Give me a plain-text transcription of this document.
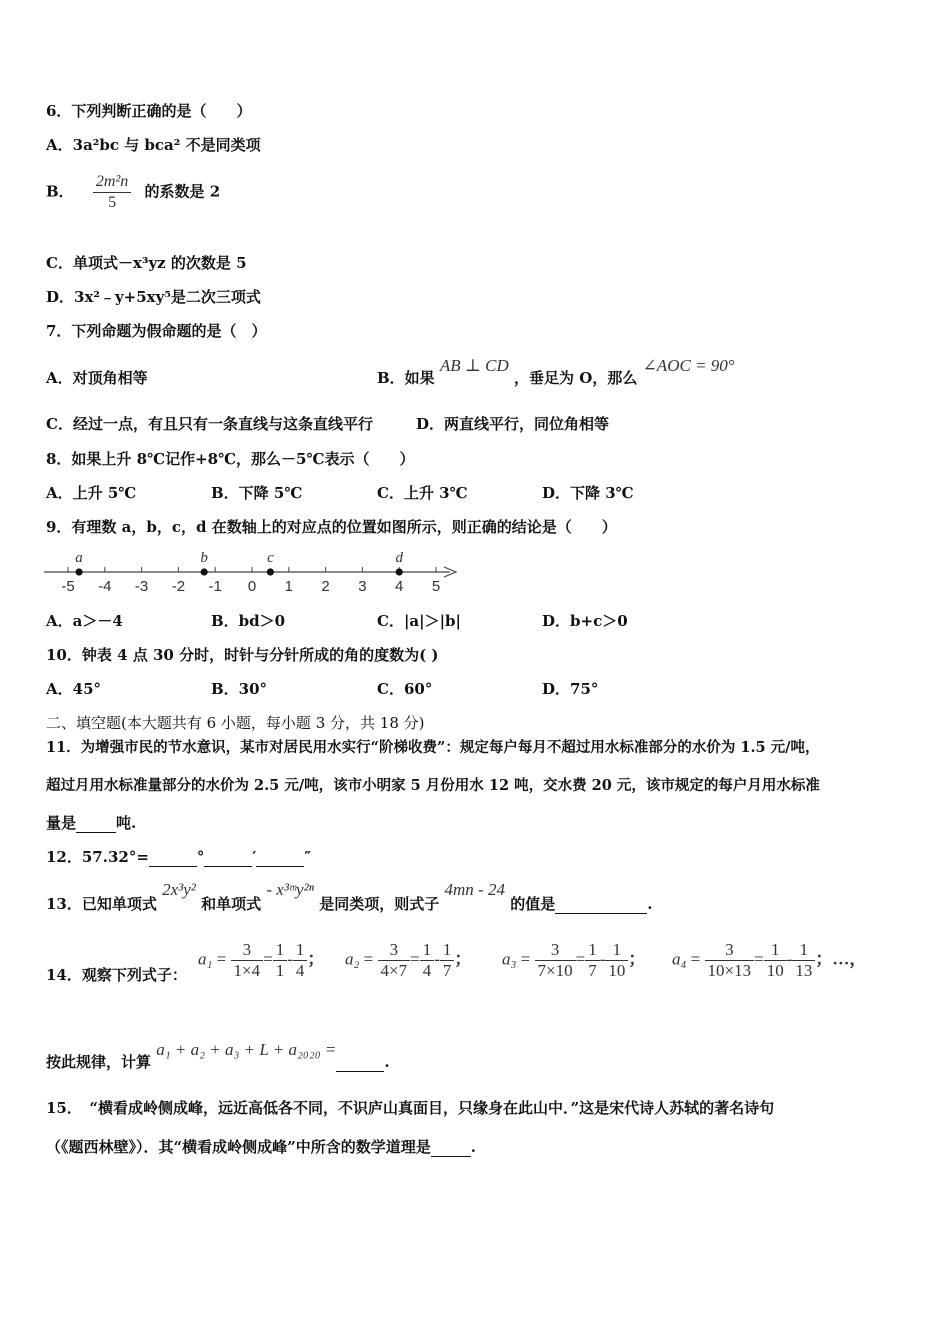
6．下列判断正确的是（　　）
A．3a²bc 与 bca² 不是同类项
B． $\frac{\text{2m²n}}{5}$ 的系数是 2
C．单项式－x³yz 的次数是 5
D．3x²﹣y+5xy⁵是二次三项式
7．下列命题为假命题的是（　）
A．对顶角相等	B．如果 AB ⊥ CD ，垂足为 O，那么 ∠AOC = 90°
C．经过一点，有且只有一条直线与这条直线平行	D．两直线平行，同位角相等
8．如果上升 8℃记作+8℃，那么－5℃表示（　　）
A．上升 5℃	B．下降 5℃	C．上升 3℃	D．下降 3℃
9．有理数 a，b，c，d 在数轴上的对应点的位置如图所示，则正确的结论是（　　）
-5 -4 -3 -2 -1 0 1 2 3 4 5
a	b	c	d
A．a＞－4	B．bd＞0	C．|a|＞|b|	D．b+c＞0
10．钟表 4 点 30 分时，时针与分针所成的角的度数为( )
A．45°	B．30°	C．60°	D．75°
二、填空题(本大题共有 6 小题，每小题 3 分，共 18 分)
11．为增强市民的节水意识，某市对居民用水实行“阶梯收费”：规定每户每月不超过用水标准部分的水价为 1.5 元/吨，
超过月用水标准量部分的水价为 2.5 元/吨，该市小明家 5 月份用水 12 吨，交水费 20 元，该市规定的每户月用水标准
量是	吨.
12．57.32°=	°	′	″
13．已知单项式 2x³y² 和单项式 - x³ᵐy²ⁿ 是同类项，则式子 4mn - 24 的值是	.
14．观察下列式子：
$a_1 = \frac{3}{1\times 4} = \frac{1}{1} - \frac{1}{4}$ ； $a_2 = \frac{3}{4\times 7} = \frac{1}{4} - \frac{1}{7}$ ； $a_3 = \frac{3}{7\times 10} = \frac{1}{7} - \frac{1}{10}$ ； $a_4 = \frac{3}{10\times 13} = \frac{1}{10} - \frac{1}{13}$ ；…，
按此规律，计算 a₁ + a₂ + a₃ + L + a₂₀₂₀ =.
15．　“横看成岭侧成峰，远近高低各不同，不识庐山真面目，只缘身在此山中．”这是宋代诗人苏轼的著名诗句
（《题西林壁》）．其“横看成岭侧成峰”中所含的数学道理是	.
